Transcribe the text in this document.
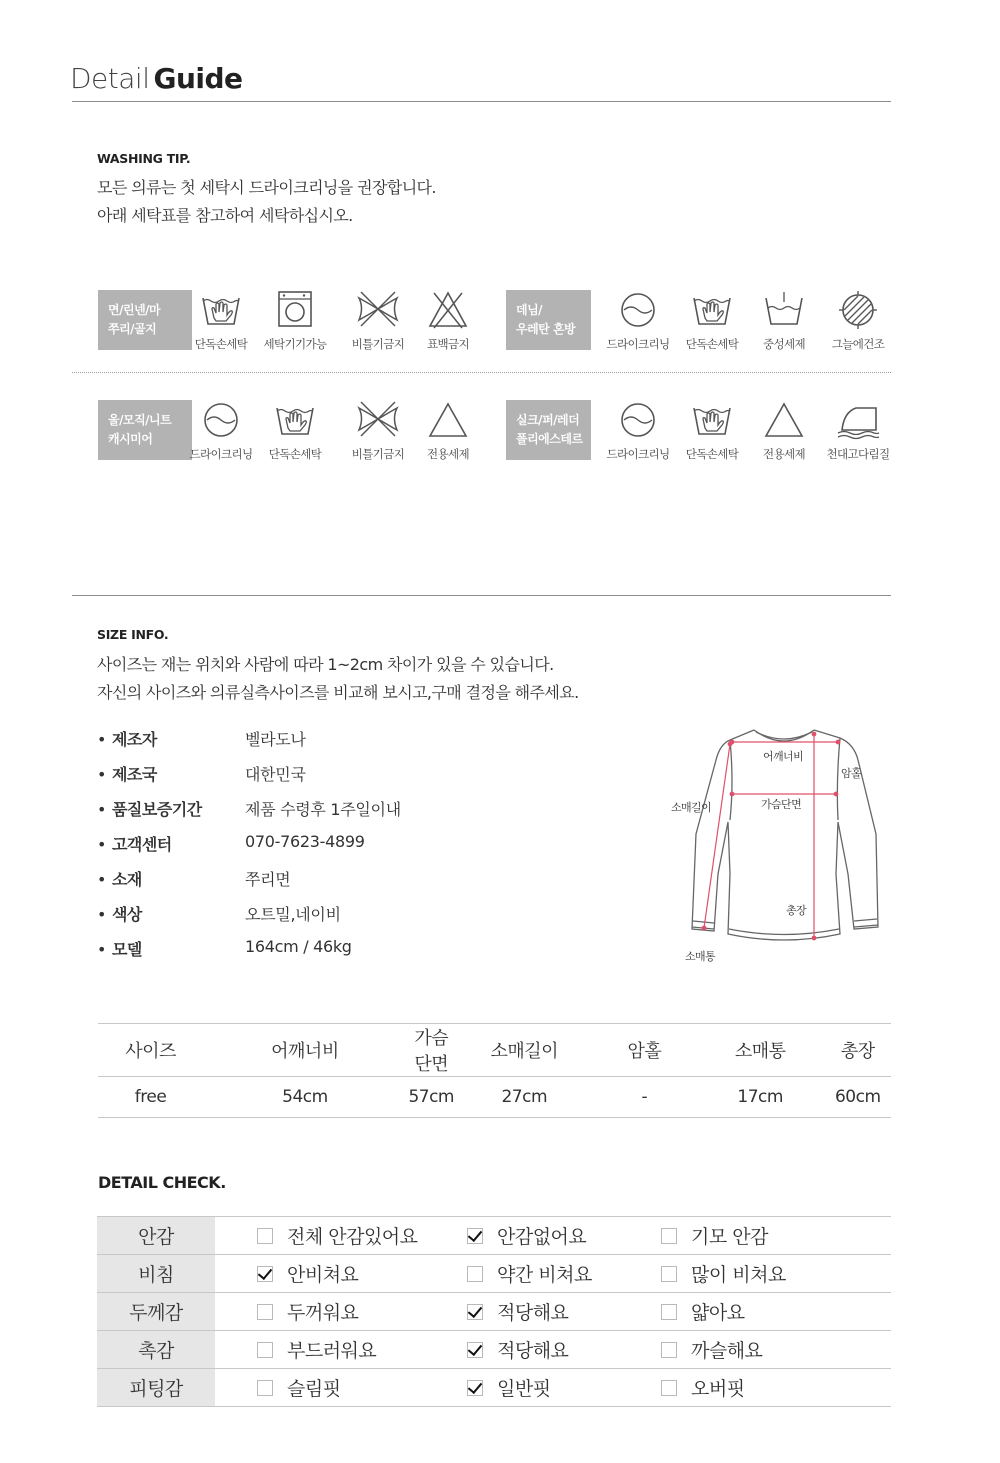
Detail Guide
WASHING TIP.
모든 의류는 첫 세탁시 드라이크리닝을 권장합니다.
아래 세탁표를 참고하여 세탁하십시오.
면/린넨/마
쭈리/골지
단독손세탁	세탁기기가능	비틀기금지	표백금지
데님/
우레탄 혼방
드라이크리닝	단독손세탁	중성세제	그늘에건조
울/모직/니트
캐시미어
드라이크리닝	단독손세탁	비틀기금지	전용세제
실크/퍼/레더
폴리에스테르
드라이크리닝	단독손세탁	전용세제	천대고다림질
SIZE INFO.
사이즈는 재는 위치와 사람에 따라 1~2cm 차이가 있을 수 있습니다.
자신의 사이즈와 의류실측사이즈를 비교해 보시고,구매 결정을 해주세요.
• 제조자	벨라도나
• 제조국	대한민국
• 품질보증기간	제품 수령후 1주일이내
• 고객센터	070-7623-4899
• 소재	쭈리면
• 색상	오트밀,네이비
• 모델	164cm / 46kg
어깨너비
암홀
소매길이	가슴단면
총장
소매통
사이즈	어깨너비	가슴단면	소매길이	암홀	소매통	총장
free	54cm	57cm	27cm	-	17cm	60cm
DETAIL CHECK.
안감	전체 안감있어요	안감없어요	기모 안감
비침	안비쳐요	약간 비쳐요	많이 비쳐요
두께감	두꺼워요	적당해요	얇아요
촉감	부드러워요	적당해요	까슬해요
피팅감	슬림핏	일반핏	오버핏
